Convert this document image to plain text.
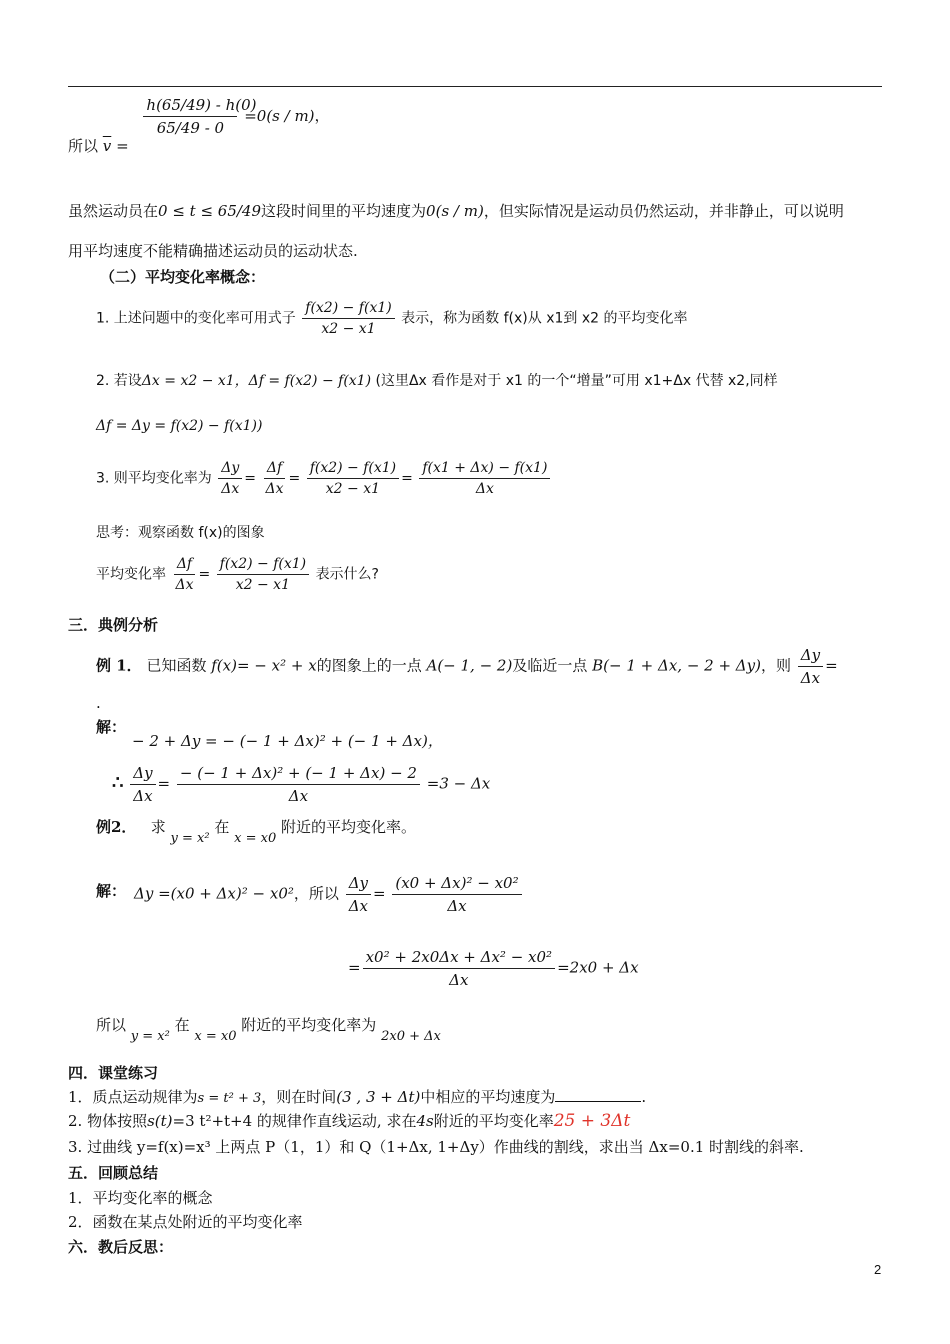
所以 $\overline{v}$ =
$\frac{h(65/49) - h(0)}{65/49 - 0} =0(s / m)$，
虽然运动员在0 ≤ t ≤ 65/49这段时间里的平均速度为0(s / m)，但实际情况是运动员仍然运动，并非静止，可以说明
用平均速度不能精确描述运动员的运动状态.
（二）平均变化率概念：
1. 上述问题中的变化率可用式子 $\frac{f(x2) - f(x1)}{x2 - x1}$ 表示，称为函数 f(x)从 x1到 x2 的平均变化率
2. 若设Δx = x2 − x1，Δf = f(x2) − f(x1) (这里Δx 看作是对于 x1 的一个“增量”可用 x1+Δx 代替 x2,同样
Δf = Δy = f(x2) − f(x1))
3. 则平均变化率为 $\frac{\Delta y}{\Delta x} = \frac{\Delta f}{\Delta x} = \frac{f(x2) - f(x1)}{x2 - x1} = \frac{f(x1 + \Delta x) - f(x1)}{\Delta x}$
思考：观察函数 f(x)的图象
平均变化率 $\frac{\Delta f}{\Delta x} = \frac{f(x2) - f(x1)}{x2 - x1}$ 表示什么?
三．典例分析
例 1． 已知函数 f(x)= − x² + x的图象上的一点 A(− 1, − 2)及临近一点 B(− 1 + Δx, − 2 + Δy)，则 $\frac{\Delta y}{\Delta x}$ =
.
解：
− 2 + Δy = − (− 1 + Δx)² + (− 1 + Δx)，
∴ $\frac{\Delta y}{\Delta x} = \frac{\text{− (− 1 + Δx)² + (− 1 + Δx) − 2}}{\Delta x} =3 - \Delta x$
例2． 求 y = x² 在 x = x0 附近的平均变化率。
解： Δy =(x0 + Δx)² − x0²，所以 $\frac{\Delta y}{\Delta x} = \frac{\text{(x0 + Δx)² − x0²}}{\Delta x}$
= $\frac{\text{x0² + 2x0Δx + Δx² − x0²}}{\Delta x} =2x0 + \Delta x$
所以 y = x² 在 x = x0 附近的平均变化率为 2x0 + Δx
四．课堂练习
1．质点运动规律为s = t² + 3，则在时间(3 , 3 + Δt)中相应的平均速度为	.
2. 物体按照s(t)=3 t²+t+4 的规律作直线运动, 求在4s附近的平均变化率25 + 3Δt
3. 过曲线 y=f(x)=x³ 上两点 P（1，1）和 Q（1+Δx, 1+Δy）作曲线的割线，求出当 Δx=0.1 时割线的斜率.
五．回顾总结
1．平均变化率的概念
2．函数在某点处附近的平均变化率
六．教后反思：
2
